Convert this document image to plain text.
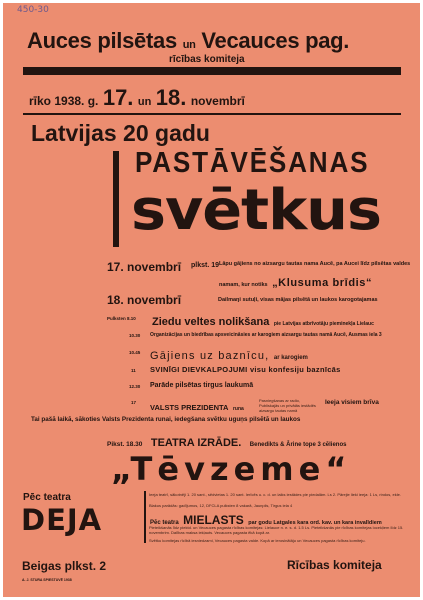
450-30
Auces pilsētas un Vecauces pag.
rīcības komiteja
rīko 1938. g. 17. un 18. novembrī
Latvijas 20 gadu
PASTĀVĒŠANAS
svētkus
17. novembrī plkst. 19 Lāpu gājiens no aizsargu tautas nama Aucē, pa Aucei līdz pilsētas valdes
namam, kur notiks „Klusuma brīdis“
18. novembrī	Dailmaŋi sutuļi, visas mājas pilsētā un laukos karogotajamas
Pulksten 8.10 Ziedu veltes nolikšana pie Latvijas atbrīvotāju pieminekļa Lielauc
10.30 Organizācijas un biedrības apsveicināsies ar karogiem aizsargu tautas namā Aucē, Ausmas iela 3
10.45 Gājiens uz baznīcu, ar karogiem
11 SVINĪGI DIEVKALPOJUMI visu konfesiju baznīcās
12.30 Parāde pilsētas tirgus laukumā
17
VALSTS PREZIDENTA runa
Pasniegšanas ar radio, Publiskajās un privātās iestādēs aizsargu tautas namā
Ieeja visiem brīva
Tai pašā laikā, sākoties Valsts Prezidenta runai, iedegšana svētku uguņs pilsētā un laukos
Pikst. 18.30 TEATRA IZRĀDE. Benedikts & Ārine tope 3 cēlienos
„Tēvzeme“
Pēc teatra
DEJA
Ieeja teatrī, sākotnēji 1. 20 sant., sēdvietas 1. 20 sant. Ierīcēs u. c. d. un laiks iestādes pie piedalām. Ls 2. Pārejie lieki ieeja: 1 Ls, rindos, ekle.
Blakus parādās: gadījumos, 12, DFCLA pulksten 8 vakarā, Jaunpils, Tirgus iela 4
Pēc teatra MIELASTS par godu Latgales kara ord. kav. un kara invalīdiem
Pieteikšanās līdz piektd. un Vecauces pagasta rīcības komitejas: Lielauce n. e. s. d. 1.5 Ls. Pieteikšanās pie rīcības komitejas locekļiem līdz 15. novembrim. Dalības maksa iekļauts. Vecauces pagasta ēkā kopā ar.
Svētku komitejas rīcībā iesniedzami, Vecauces pagasta valde. Kopā ar ierosinātāju un Vecauces pagasta rīcības komiteju.
Beigas plkst. 2
A. J. STURA SPIESTUVĒ 1938
Rīcības komiteja
